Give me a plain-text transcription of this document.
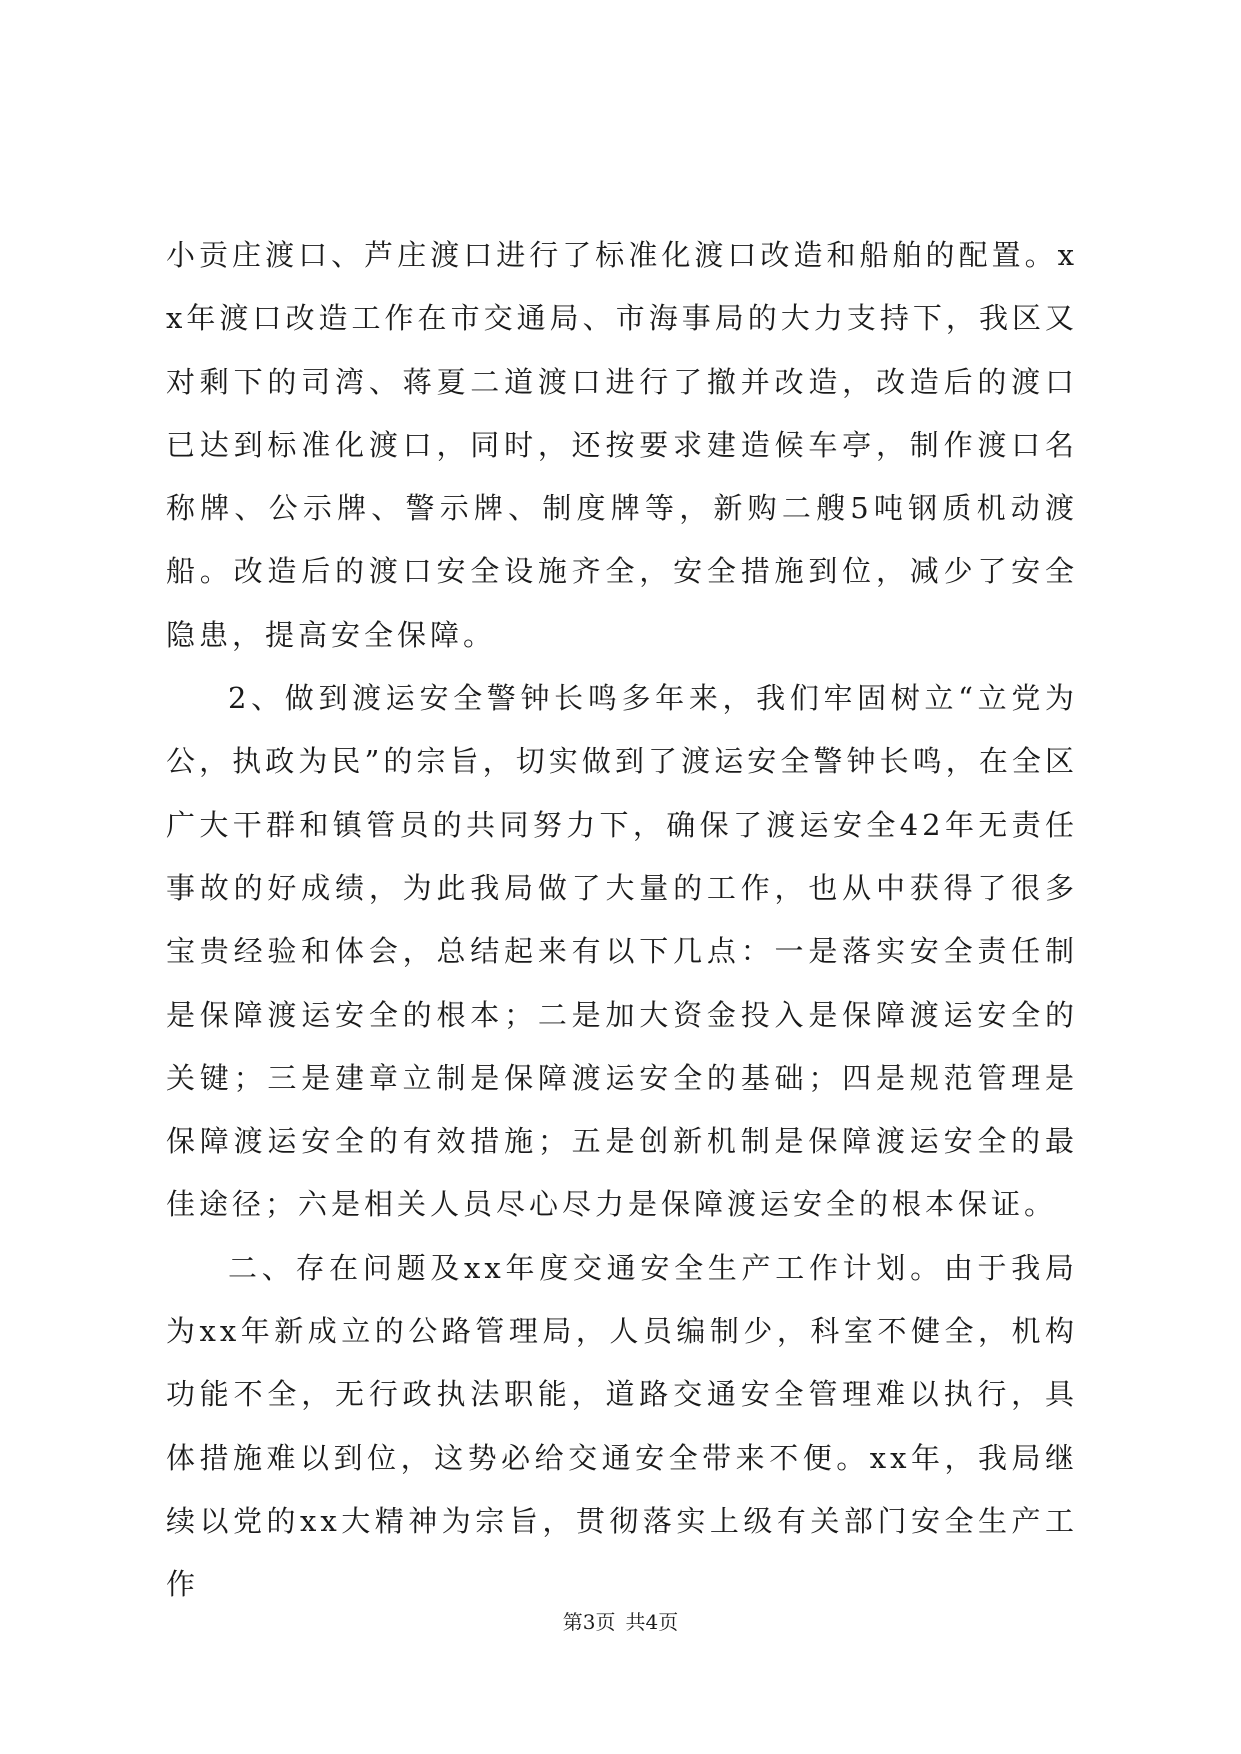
小贡庄渡口、芦庄渡口进行了标准化渡口改造和船舶的配置。xx年渡口改造工作在市交通局、市海事局的大力支持下，我区又对剩下的司湾、蒋夏二道渡口进行了撤并改造，改造后的渡口已达到标准化渡口，同时，还按要求建造候车亭，制作渡口名称牌、公示牌、警示牌、制度牌等，新购二艘5吨钢质机动渡船。改造后的渡口安全设施齐全，安全措施到位，减少了安全隐患，提高安全保障。

2、做到渡运安全警钟长鸣多年来，我们牢固树立“立党为公，执政为民”的宗旨，切实做到了渡运安全警钟长鸣，在全区广大干群和镇管员的共同努力下，确保了渡运安全42年无责任事故的好成绩，为此我局做了大量的工作，也从中获得了很多宝贵经验和体会，总结起来有以下几点：一是落实安全责任制是保障渡运安全的根本；二是加大资金投入是保障渡运安全的关键；三是建章立制是保障渡运安全的基础；四是规范管理是保障渡运安全的有效措施；五是创新机制是保障渡运安全的最佳途径；六是相关人员尽心尽力是保障渡运安全的根本保证。

二、存在问题及xx年度交通安全生产工作计划。由于我局为xx年新成立的公路管理局，人员编制少，科室不健全，机构功能不全，无行政执法职能，道路交通安全管理难以执行，具体措施难以到位，这势必给交通安全带来不便。xx年，我局继续以党的xx大精神为宗旨，贯彻落实上级有关部门安全生产工作

第3页 共4页
